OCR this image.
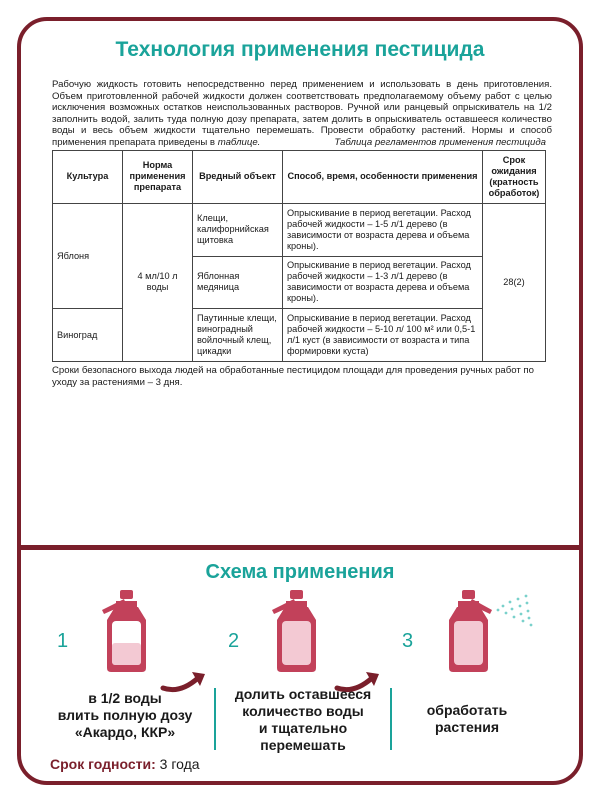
Технология применения пестицида

Рабочую жидкость готовить непосредственно перед применением и использовать в день приготовления. Объем приготовленной рабочей жидкости должен соответствовать предполагаемому объему работ с целью исключения возможных остатков неиспользованных растворов. Ручной или ранцевый опрыскиватель на 1/2 заполнить водой, залить туда полную дозу препарата, затем долить в опрыскиватель оставшееся количество воды и весь объем жидкости тщательно перемешать. Провести обработку растений. Нормы и способ применения препарата приведены в таблице.	Таблица регламентов применения пестицида
Культура	Норма применения препарата	Вредный объект	Способ, время, особенности применения	Срок ожидания (кратность обработок)
Яблоня	4 мл/10 л воды	Клещи, калифорнийская щитовка	Опрыскивание в период вегетации. Расход рабочей жидкости – 1-5 л/1 дерево (в зависимости от возраста дерева и объема кроны).	28(2)
		Яблонная медяница	Опрыскивание в период вегетации. Расход рабочей жидкости – 1-3 л/1 дерево (в зависимости от возраста дерева и объема кроны).	
Виноград		Паутинные клещи, виноградный войлочный клещ, цикадки	Опрыскивание в период вегетации. Расход рабочей жидкости – 5-10 л/ 100 м² или 0,5-1 л/1 куст (в зависимости от возраста и типа формировки куста)	

Сроки безопасного выхода людей на обработанные пестицидом площади для проведения ручных работ по уходу за растениями – 3 дня.

Схема применения
1	2	3
в 1/2 воды
влить полную дозу
«Акардо, ККР»
долить оставшееся
количество воды
и тщательно
перемешать
обработать
растения
Срок годности: 3 года
